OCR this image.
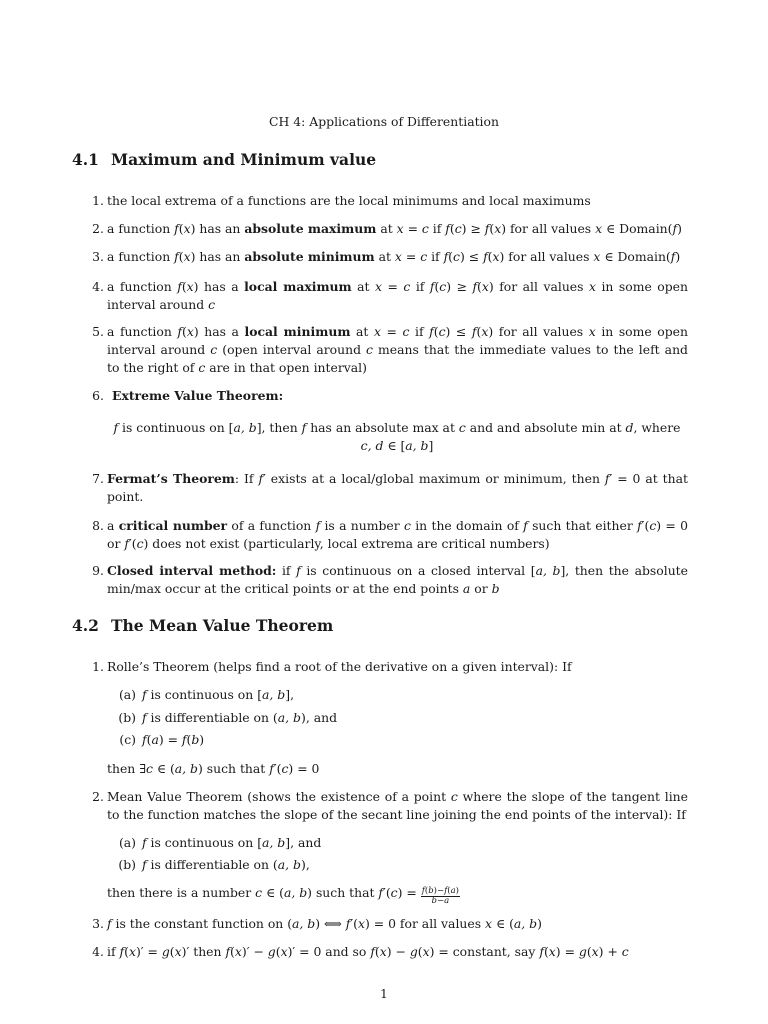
CH 4: Applications of Differentiation
4.1 Maximum and Minimum value
1. the local extrema of a functions are the local minimums and local maximums
2. a function f(x) has an absolute maximum at x = c if f(c) ≥ f(x) for all values x ∈ Domain(f)
3. a function f(x) has an absolute minimum at x = c if f(c) ≤ f(x) for all values x ∈ Domain(f)
4. a function f(x) has a local maximum at x = c if f(c) ≥ f(x) for all values x in some open interval around c
5. a function f(x) has a local minimum at x = c if f(c) ≤ f(x) for all values x in some open interval around c (open interval around c means that the immediate values to the left and to the right of c are in that open interval)
6. Extreme Value Theorem:
f is continuous on [a, b], then f has an absolute max at c and and absolute min at d, where
c, d ∈ [a, b]
7. Fermat’s Theorem: If f′ exists at a local/global maximum or minimum, then f′ = 0 at that point.
8. a critical number of a function f is a number c in the domain of f such that either f′(c) = 0 or f′(c) does not exist (particularly, local extrema are critical numbers)
9. Closed interval method: if f is continuous on a closed interval [a, b], then the absolute min/max occur at the critical points or at the end points a or b
4.2 The Mean Value Theorem
1. Rolle’s Theorem (helps find a root of the derivative on a given interval): If
(a) f is continuous on [a, b],
(b) f is differentiable on (a, b), and
(c) f(a) = f(b)
then ∃c ∈ (a, b) such that f′(c) = 0
2. Mean Value Theorem (shows the existence of a point c where the slope of the tangent line to the function matches the slope of the secant line joining the end points of the interval): If
(a) f is continuous on [a, b], and
(b) f is differentiable on (a, b),
then there is a number c ∈ (a, b) such that $f'(c) = \frac{f(b)-f(a)}{b-a}$
3. f is the constant function on (a, b) ⟺ f′(x) = 0 for all values x ∈ (a, b)
4. if f(x)′ = g(x)′ then f(x)′ − g(x)′ = 0 and so f(x) − g(x) = constant, say f(x) = g(x) + c
1
